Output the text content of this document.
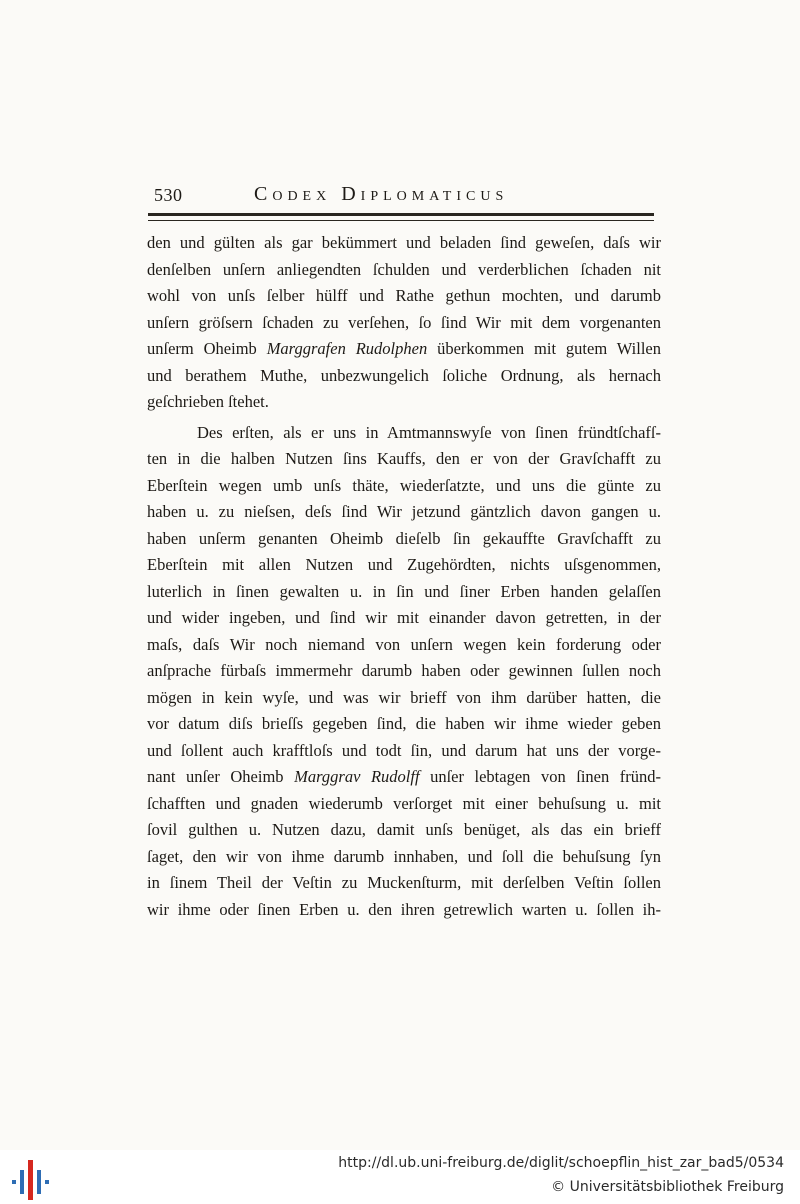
530	Codex Diplomaticus
den und gülten als gar bekümmert und beladen ſind geweſen, daſs wir
denſelben unſern anliegendten ſchulden und verderblichen ſchaden nit
wohl von unſs ſelber hülff und Rathe gethun mochten, und darumb
unſern gröſsern ſchaden zu verſehen, ſo ſind Wir mit dem vorgenanten
unſerm Oheimb Marggrafen Rudolphen überkommen mit gutem Willen
und berathem Muthe, unbezwungelich ſoliche Ordnung, als hernach
geſchrieben ſtehet.
Des erſten, als er uns in Amtmannswyſe von ſinen fründtſchafſ-
ten in die halben Nutzen ſins Kauffs, den er von der Gravſchafft zu
Eberſtein wegen umb unſs thäte, wiederſatzte, und uns die günte zu
haben u. zu nieſsen, deſs ſind Wir jetzund gäntzlich davon gangen u.
haben unſerm genanten Oheimb dieſelb ſin gekauffte Gravſchafft zu
Eberſtein mit allen Nutzen und Zugehördten, nichts uſsgenommen,
luterlich in ſinen gewalten u. in ſin und ſiner Erben handen gelaſſen
und wider ingeben, und ſind wir mit einander davon getretten, in der
maſs, daſs Wir noch niemand von unſern wegen kein forderung oder
anſprache fürbaſs immermehr darumb haben oder gewinnen ſullen noch
mögen in kein wyſe, und was wir brieff von ihm darüber hatten, die
vor datum diſs brieſſs gegeben ſind, die haben wir ihme wieder geben
und ſollent auch krafftloſs und todt ſin, und darum hat uns der vorge-
nant unſer Oheimb Marggrav Rudolff unſer lebtagen von ſinen fründ-
ſchafften und gnaden wiederumb verſorget mit einer behuſsung u. mit
ſovil gulthen u. Nutzen dazu, damit unſs benüget, als das ein brieff
ſaget, den wir von ihme darumb innhaben, und ſoll die behuſsung ſyn
in ſinem Theil der Veſtin zu Muckenſturm, mit derſelben Veſtin ſollen
wir ihme oder ſinen Erben u. den ihren getrewlich warten u. ſollen ih-
http://dl.ub.uni-freiburg.de/diglit/schoepflin_hist_zar_bad5/0534
© Universitätsbibliothek Freiburg
